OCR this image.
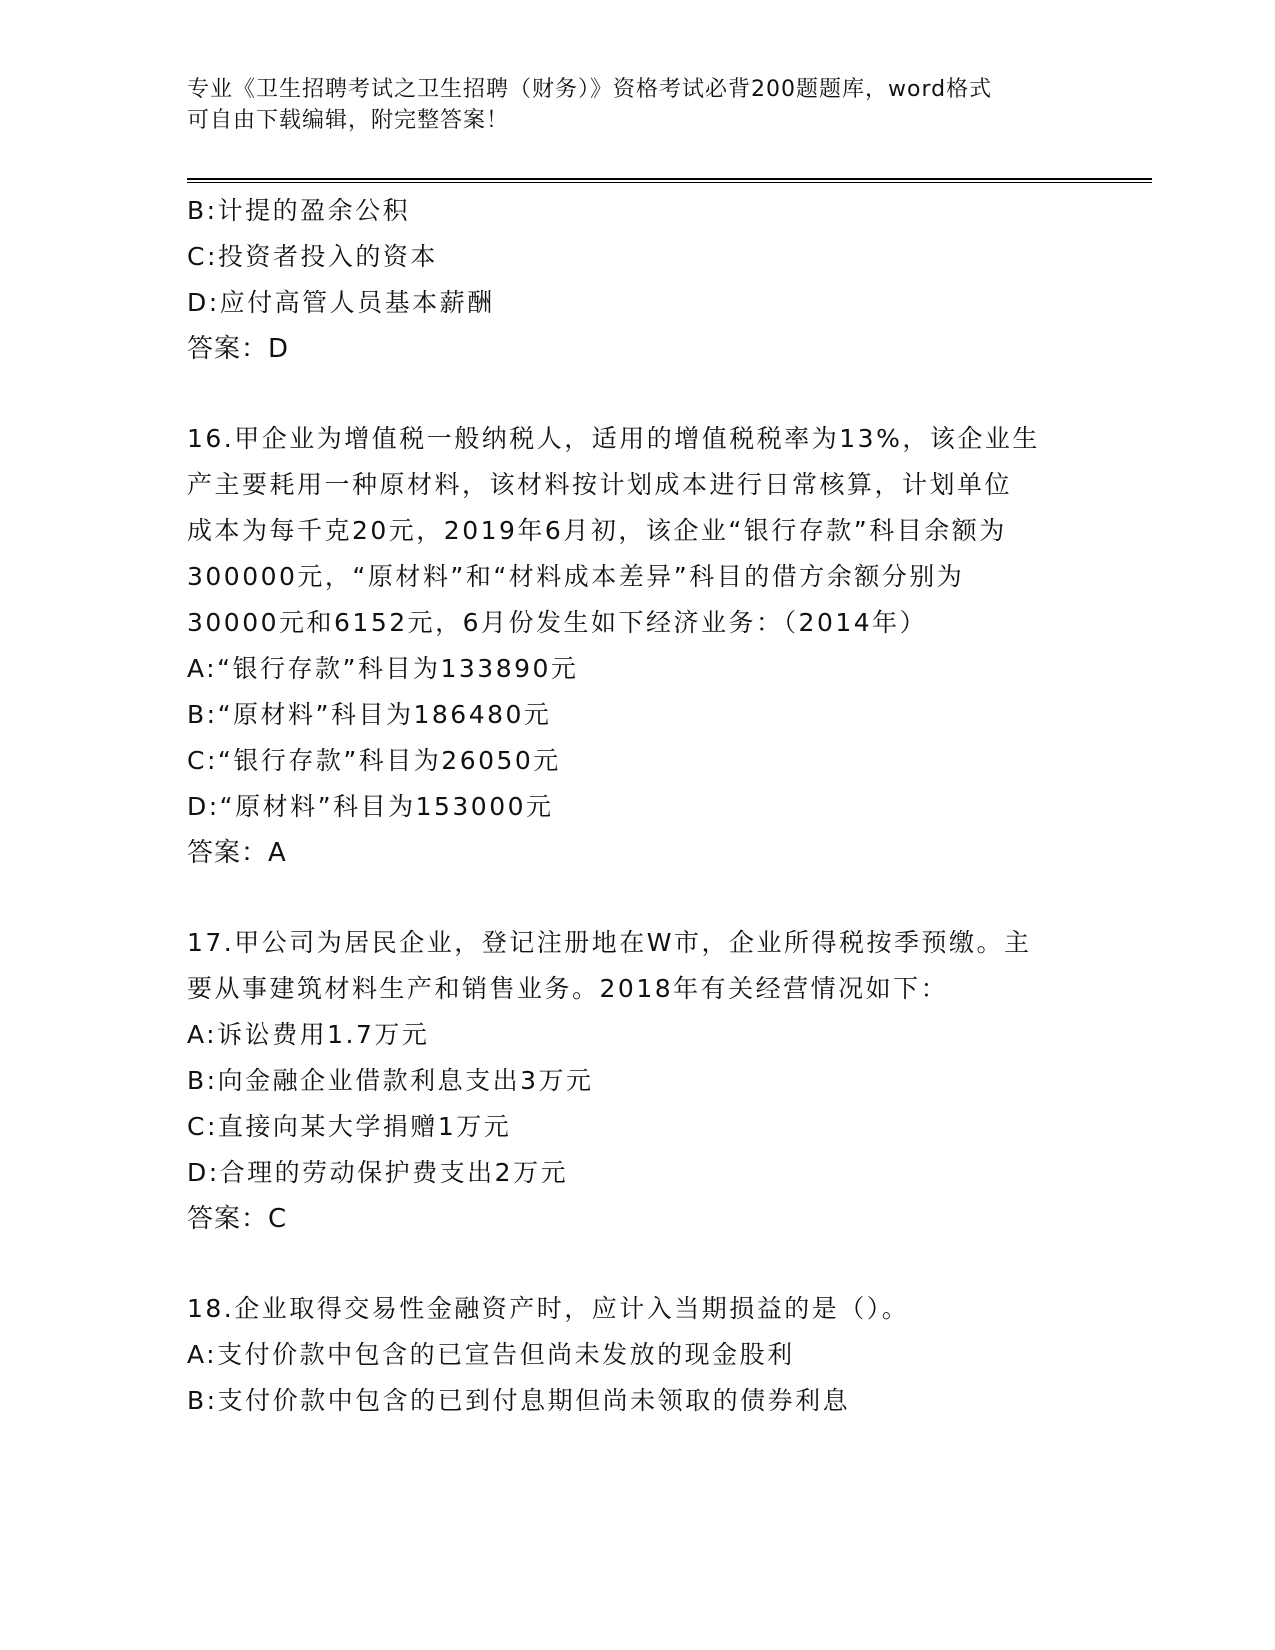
专业《卫生招聘考试之卫生招聘（财务）》资格考试必背200题题库，word格式
可自由下载编辑，附完整答案！
B:计提的盈余公积
C:投资者投入的资本
D:应付高管人员基本薪酬
答案：D
16.甲企业为增值税一般纳税人，适用的增值税税率为13%，该企业生
产主要耗用一种原材料，该材料按计划成本进行日常核算，计划单位
成本为每千克20元，2019年6月初，该企业“银行存款”科目余额为
300000元，“原材料”和“材料成本差异”科目的借方余额分别为
30000元和6152元，6月份发生如下经济业务：（2014年）
A:“银行存款”科目为133890元
B:“原材料”科目为186480元
C:“银行存款”科目为26050元
D:“原材料”科目为153000元
答案：A
17.甲公司为居民企业，登记注册地在W市，企业所得税按季预缴。主
要从事建筑材料生产和销售业务。2018年有关经营情况如下：
A:诉讼费用1.7万元
B:向金融企业借款利息支出3万元
C:直接向某大学捐赠1万元
D:合理的劳动保护费支出2万元
答案：C
18.企业取得交易性金融资产时，应计入当期损益的是（）。
A:支付价款中包含的已宣告但尚未发放的现金股利
B:支付价款中包含的已到付息期但尚未领取的债券利息
